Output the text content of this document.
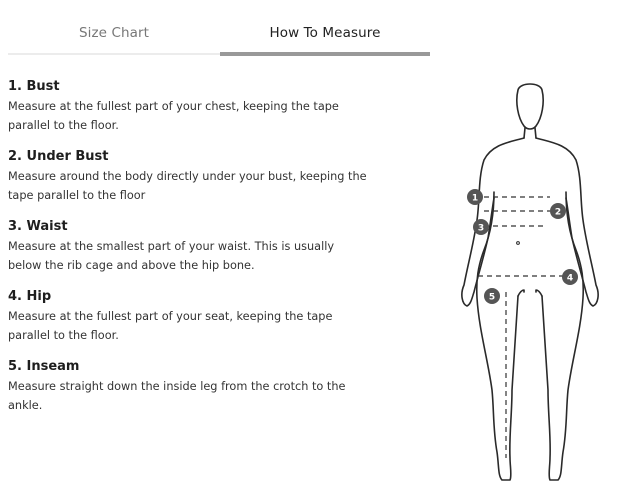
Size Chart	How To Measure
1. Bust
Measure at the fullest part of your chest, keeping the tape parallel to the floor.
2. Under Bust
Measure around the body directly under your bust, keeping the tape parallel to the floor
3. Waist
Measure at the smallest part of your waist. This is usually below the rib cage and above the hip bone.
4. Hip
Measure at the fullest part of your seat, keeping the tape parallel to the floor.
5. Inseam
Measure straight down the inside leg from the crotch to the ankle.
1
2
3
4
5
